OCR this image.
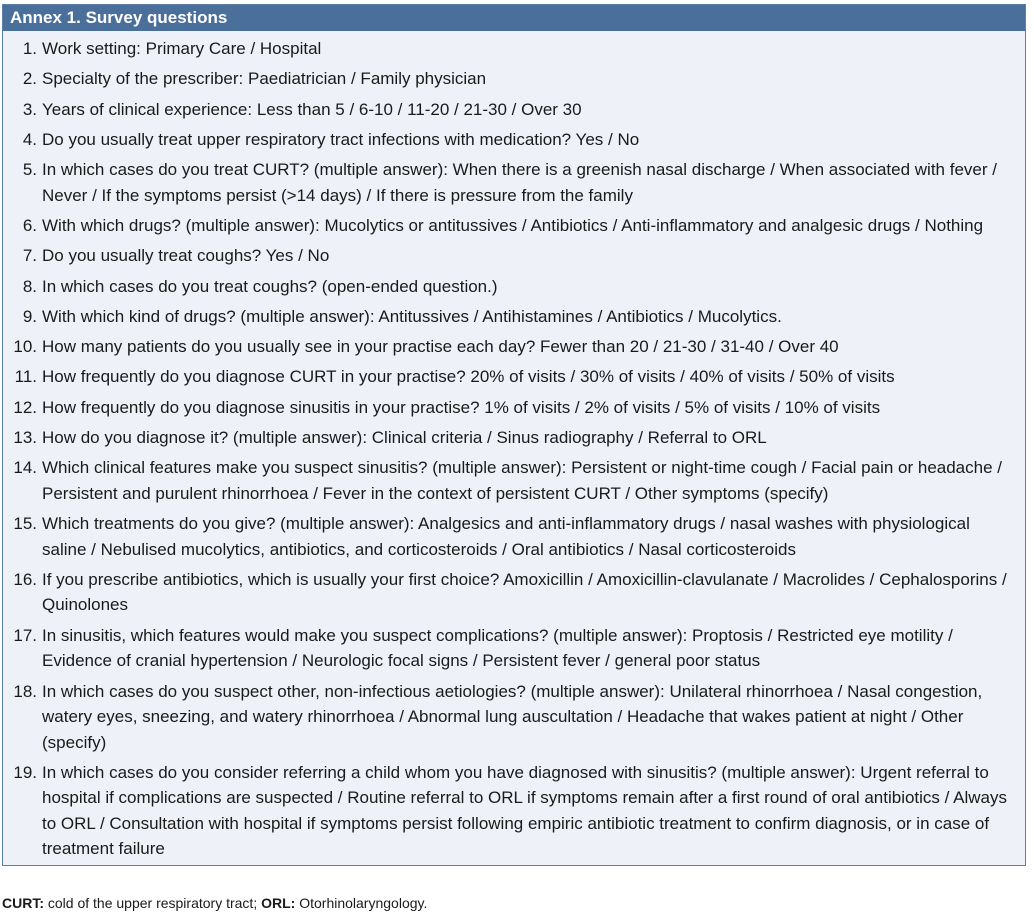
Annex 1. Survey questions
1. Work setting: Primary Care / Hospital
2. Specialty of the prescriber: Paediatrician / Family physician
3. Years of clinical experience: Less than 5 / 6-10 / 11-20 / 21-30 / Over 30
4. Do you usually treat upper respiratory tract infections with medication? Yes / No
5. In which cases do you treat CURT? (multiple answer): When there is a greenish nasal discharge / When associated with fever / Never / If the symptoms persist (>14 days) / If there is pressure from the family
6. With which drugs? (multiple answer): Mucolytics or antitussives / Antibiotics / Anti-inflammatory and analgesic drugs / Nothing
7. Do you usually treat coughs? Yes / No
8. In which cases do you treat coughs? (open-ended question.)
9. With which kind of drugs? (multiple answer): Antitussives / Antihistamines / Antibiotics / Mucolytics.
10. How many patients do you usually see in your practise each day? Fewer than 20 / 21-30 / 31-40 / Over 40
11. How frequently do you diagnose CURT in your practise? 20% of visits / 30% of visits / 40% of visits / 50% of visits
12. How frequently do you diagnose sinusitis in your practise? 1% of visits / 2% of visits / 5% of visits / 10% of visits
13. How do you diagnose it? (multiple answer): Clinical criteria / Sinus radiography / Referral to ORL
14. Which clinical features make you suspect sinusitis? (multiple answer): Persistent or night-time cough / Facial pain or headache / Persistent and purulent rhinorrhoea / Fever in the context of persistent CURT / Other symptoms (specify)
15. Which treatments do you give? (multiple answer): Analgesics and anti-inflammatory drugs / nasal washes with physiological saline / Nebulised mucolytics, antibiotics, and corticosteroids / Oral antibiotics / Nasal corticosteroids
16. If you prescribe antibiotics, which is usually your first choice? Amoxicillin / Amoxicillin-clavulanate / Macrolides / Cephalosporins / Quinolones
17. In sinusitis, which features would make you suspect complications? (multiple answer): Proptosis / Restricted eye motility / Evidence of cranial hypertension / Neurologic focal signs / Persistent fever / general poor status
18. In which cases do you suspect other, non-infectious aetiologies? (multiple answer): Unilateral rhinorrhoea / Nasal congestion, watery eyes, sneezing, and watery rhinorrhoea / Abnormal lung auscultation / Headache that wakes patient at night / Other (specify)
19. In which cases do you consider referring a child whom you have diagnosed with sinusitis? (multiple answer): Urgent referral to hospital if complications are suspected / Routine referral to ORL if symptoms remain after a first round of oral antibiotics / Always to ORL / Consultation with hospital if symptoms persist following empiric antibiotic treatment to confirm diagnosis, or in case of treatment failure
CURT: cold of the upper respiratory tract; ORL: Otorhinolaryngology.
